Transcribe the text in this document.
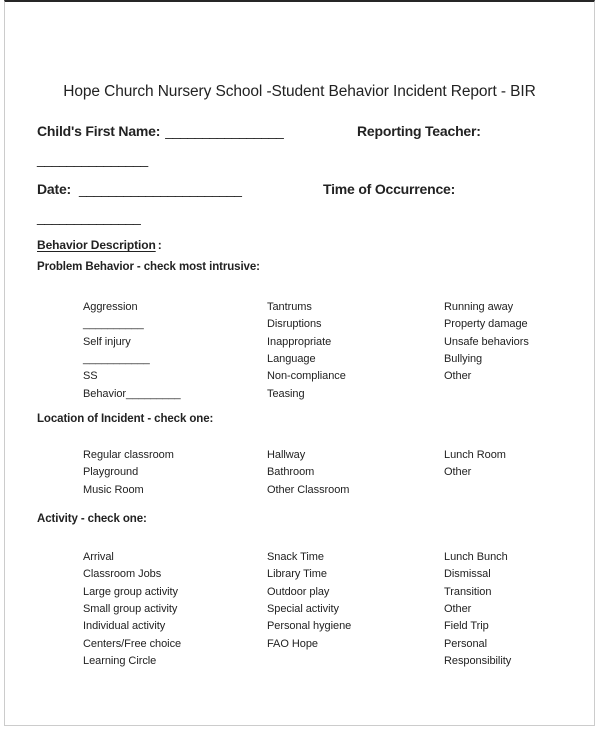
Hope Church Nursery School -Student Behavior Incident Report - BIR
Child's First Name: ________________	Reporting Teacher:
_______________
Date: ______________________	Time of Occurrence:
______________
Behavior Description :
Problem Behavior - check most intrusive:
Aggression
__________
Self injury
___________
SS
Behavior_________
Tantrums
Disruptions
Inappropriate
Language
Non-compliance
Teasing
Running away
Property damage
Unsafe behaviors
Bullying
Other
Location of Incident - check one:
Regular classroom
Playground
Music Room
Hallway
Bathroom
Other Classroom
Lunch Room
Other
Activity - check one:
Arrival
Classroom Jobs
Large group activity
Small group activity
Individual activity
Centers/Free choice
Learning Circle
Snack Time
Library Time
Outdoor play
Special activity
Personal hygiene
FAO Hope
Lunch Bunch
Dismissal
Transition
Other
Field Trip
Personal
Responsibility
